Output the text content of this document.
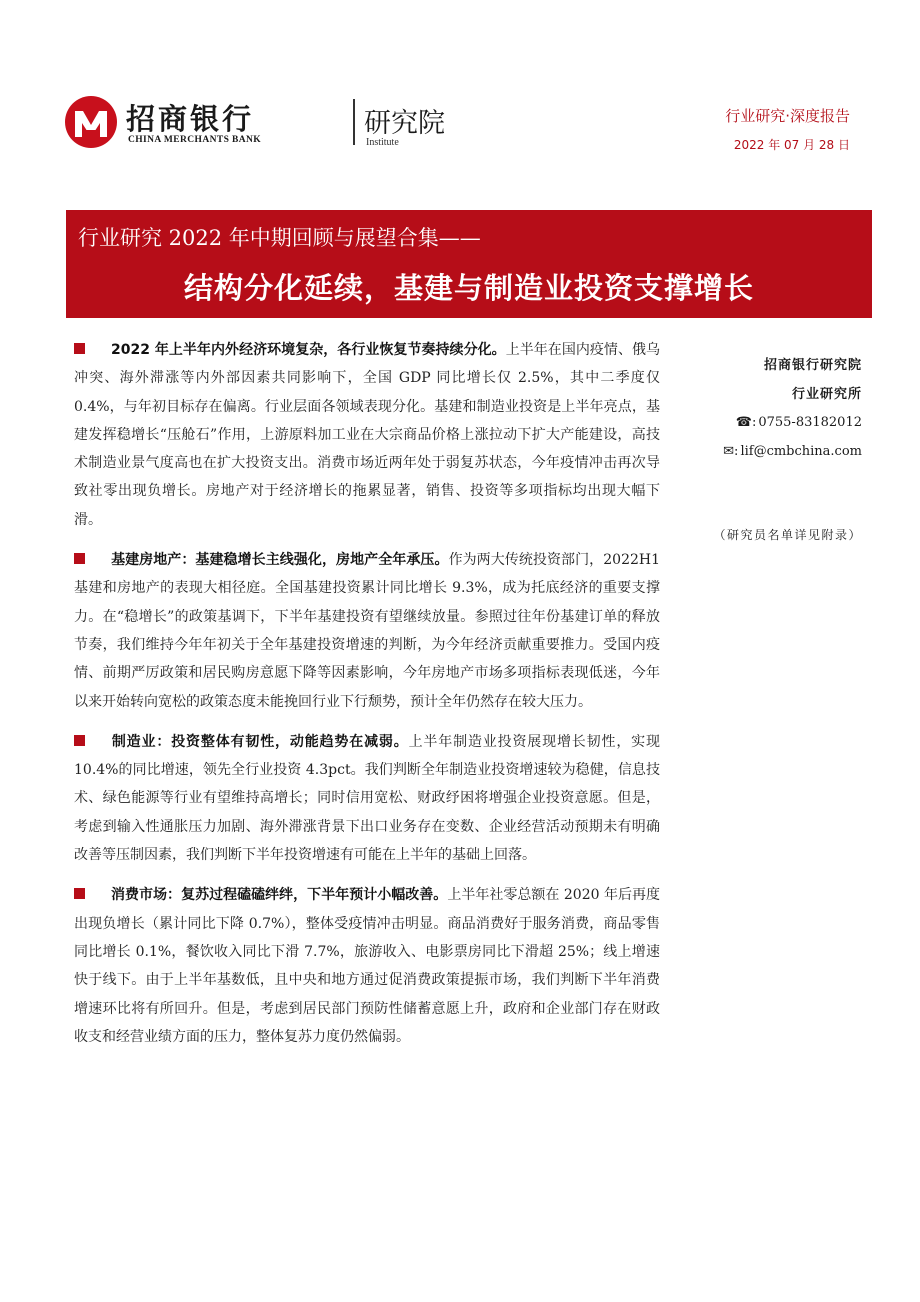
招商银行
CHINA MERCHANTS BANK
研究院
Institute
行业研究·深度报告
2022 年 07 月 28 日
行业研究 2022 年中期回顾与展望合集——
结构分化延续，基建与制造业投资支撑增长

2022 年上半年内外经济环境复杂，各行业恢复节奏持续分化。上半年在国内疫情、俄乌冲突、海外滞涨等内外部因素共同影响下，全国 GDP 同比增长仅 2.5%，其中二季度仅 0.4%，与年初目标存在偏离。行业层面各领域表现分化。基建和制造业投资是上半年亮点，基建发挥稳增长“压舱石”作用，上游原料加工业在大宗商品价格上涨拉动下扩大产能建设，高技术制造业景气度高也在扩大投资支出。消费市场近两年处于弱复苏状态，今年疫情冲击再次导致社零出现负增长。房地产对于经济增长的拖累显著，销售、投资等多项指标均出现大幅下滑。

基建房地产：基建稳增长主线强化，房地产全年承压。作为两大传统投资部门，2022H1 基建和房地产的表现大相径庭。全国基建投资累计同比增长 9.3%，成为托底经济的重要支撑力。在“稳增长”的政策基调下，下半年基建投资有望继续放量。参照过往年份基建订单的释放节奏，我们维持今年年初关于全年基建投资增速的判断，为今年经济贡献重要推力。受国内疫情、前期严厉政策和居民购房意愿下降等因素影响，今年房地产市场多项指标表现低迷，今年以来开始转向宽松的政策态度未能挽回行业下行颓势，预计全年仍然存在较大压力。

制造业：投资整体有韧性，动能趋势在减弱。上半年制造业投资展现增长韧性，实现 10.4%的同比增速，领先全行业投资 4.3pct。我们判断全年制造业投资增速较为稳健，信息技术、绿色能源等行业有望维持高增长；同时信用宽松、财政纾困将增强企业投资意愿。但是，考虑到输入性通胀压力加剧、海外滞涨背景下出口业务存在变数、企业经营活动预期未有明确改善等压制因素，我们判断下半年投资增速有可能在上半年的基础上回落。

消费市场：复苏过程磕磕绊绊，下半年预计小幅改善。上半年社零总额在 2020 年后再度出现负增长（累计同比下降 0.7%），整体受疫情冲击明显。商品消费好于服务消费，商品零售同比增长 0.1%，餐饮收入同比下滑 7.7%，旅游收入、电影票房同比下滑超 25%；线上增速快于线下。由于上半年基数低，且中央和地方通过促消费政策提振市场，我们判断下半年消费增速环比将有所回升。但是，考虑到居民部门预防性储蓄意愿上升，政府和企业部门存在财政收支和经营业绩方面的压力，整体复苏力度仍然偏弱。

招商银行研究院
行业研究所
☎: 0755-83182012
✉: lif@cmbchina.com
（研究员名单详见附录）
